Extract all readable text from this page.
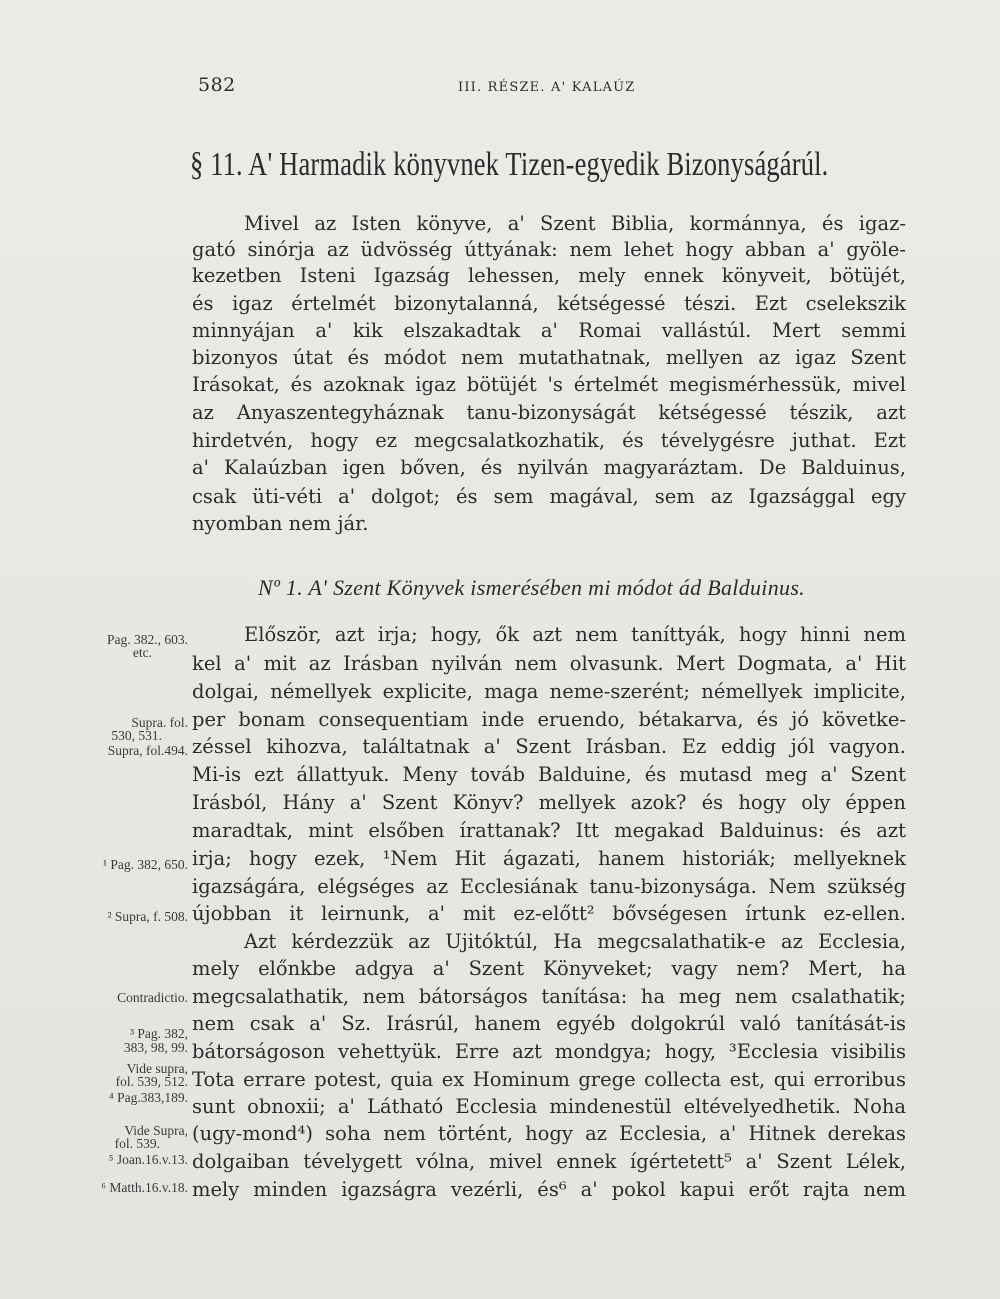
582	III. RÉSZE. A' KALAÚZ
§ 11. A' Harmadik könyvnek Tizen-egyedik Bizonyságárúl.
Mivel az Isten könyve, a' Szent Biblia, kormánnya, és igaz-
gató sinórja az üdvösség úttyának: nem lehet hogy abban a' gyöle-
kezetben Isteni Igazság lehessen, mely ennek könyveit, bötüjét,
és igaz értelmét bizonytalanná, kétségessé tészi. Ezt cselekszik
minnyájan a' kik elszakadtak a' Romai vallástúl. Mert semmi
bizonyos útat és módot nem mutathatnak, mellyen az igaz Szent
Irásokat, és azoknak igaz bötüjét 's értelmét megismérhessük, mivel
az Anyaszentegyháznak tanu-bizonyságát kétségessé tészik, azt
hirdetvén, hogy ez megcsalatkozhatik, és tévelygésre juthat. Ezt
a' Kalaúzban igen bőven, és nyilván magyaráztam. De Balduinus,
csak üti-véti a' dolgot; és sem magával, sem az Igazsággal egy
nyomban nem jár.
Nº 1. A' Szent Könyvek ismerésében mi módot ád Balduinus.
Először, azt irja; hogy, ők azt nem taníttyák, hogy hinni nem
kel a' mit az Irásban nyilván nem olvasunk. Mert Dogmata, a' Hit
dolgai, némellyek explicite, maga neme-szerént; némellyek implicite,
per bonam consequentiam inde eruendo, bétakarva, és jó követke-
zéssel kihozva, találtatnak a' Szent Irásban. Ez eddig jól vagyon.
Mi-is ezt állattyuk. Meny továb Balduine, és mutasd meg a' Szent
Irásból, Hány a' Szent Könyv? mellyek azok? és hogy oly éppen
maradtak, mint elsőben írattanak? Itt megakad Balduinus: és azt
irja; hogy ezek, ¹Nem Hit ágazati, hanem historiák; mellyeknek
igazságára, elégséges az Ecclesiának tanu-bizonysága. Nem szükség
újobban it leirnunk, a' mit ez-előtt² bővségesen írtunk ez-ellen.
Azt kérdezzük az Ujitóktúl, Ha megcsalathatik-e az Ecclesia,
mely előnkbe adgya a' Szent Könyveket; vagy nem? Mert, ha
megcsalathatik, nem bátorságos tanítása: ha meg nem csalathatik;
nem csak a' Sz. Irásrúl, hanem egyéb dolgokrúl való tanítását-is
bátorságoson vehettyük. Erre azt mondgya; hogy, ³Ecclesia visibilis
Tota errare potest, quia ex Hominum grege collecta est, qui erroribus
sunt obnoxii; a' Látható Ecclesia mindenestül eltévelyedhetik. Noha
(ugy-mond⁴) soha nem történt, hogy az Ecclesia, a' Hitnek derekas
dolgaiban tévelygett vólna, mivel ennek ígértetett⁵ a' Szent Lélek,
mely minden igazságra vezérli, és⁶ a' pokol kapui erőt rajta nem
Pag. 382., 603.
etc.
Supra. fol.
530, 531.
Supra, fol.494.
¹ Pag. 382, 650.
² Supra, f. 508.
Contradictio.
³ Pag. 382,
383, 98, 99.
Vide supra,
fol. 539, 512.
⁴ Pag.383,189.
Vide Supra,
fol. 539.
⁵ Joan.16.v.13.
⁶ Matth.16.v.18.
